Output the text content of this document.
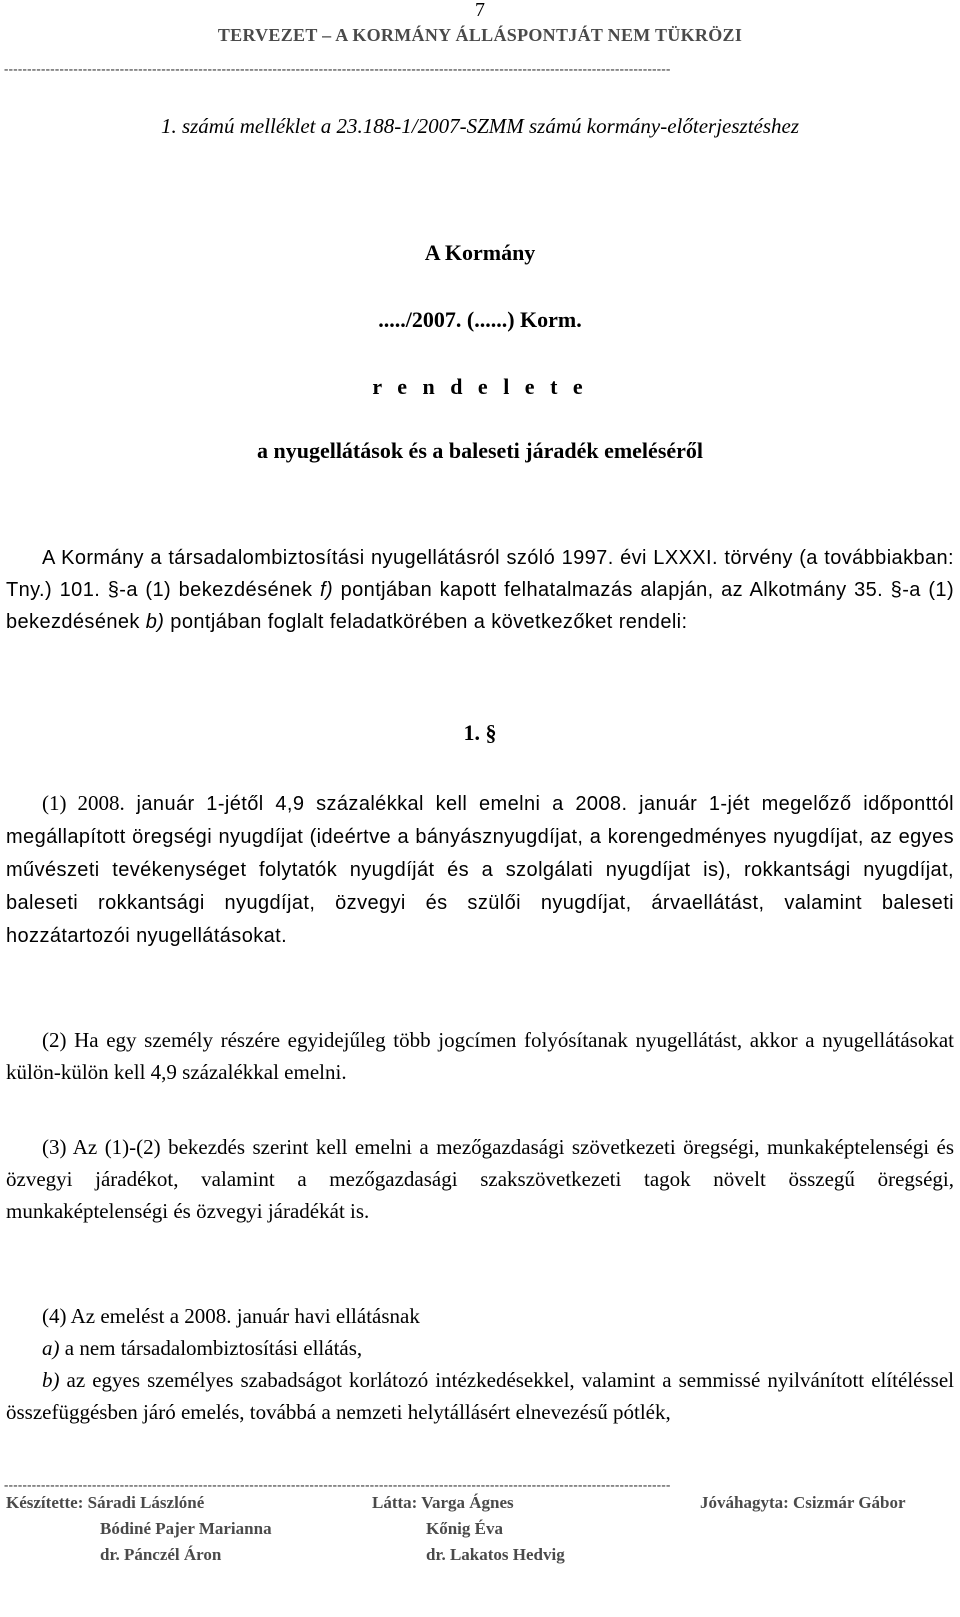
7
TERVEZET – A KORMÁNY ÁLLÁSPONTJÁT NEM TÜKRÖZI
------------------------------------------------------------------------------------------------------------------------------------------------
1. számú melléklet a 23.188-1/2007-SZMM számú kormány-előterjesztéshez
A Kormány
...../2007. (......) Korm.
r e n d e l e t e
a nyugellátások és a baleseti járadék emeléséről
A Kormány a társadalombiztosítási nyugellátásról szóló 1997. évi LXXXI. törvény (a továbbiakban: Tny.) 101. §-a (1) bekezdésének f) pontjában kapott felhatalmazás alapján, az Alkotmány 35. §-a (1) bekezdésének b) pontjában foglalt feladatkörében a következőket rendeli:
1. §
(1) 2008. január 1-jétől 4,9 százalékkal kell emelni a 2008. január 1-jét megelőző időponttól megállapított öregségi nyugdíjat (ideértve a bányásznyugdíjat, a korengedményes nyugdíjat, az egyes művészeti tevékenységet folytatók nyugdíját és a szolgálati nyugdíjat is), rokkantsági nyugdíjat, baleseti rokkantsági nyugdíjat, özvegyi és szülői nyugdíjat, árvaellátást, valamint baleseti hozzátartozói nyugellátásokat.
(2) Ha egy személy részére egyidejűleg több jogcímen folyósítanak nyugellátást, akkor a nyugellátásokat külön-külön kell 4,9 százalékkal emelni.
(3) Az (1)-(2) bekezdés szerint kell emelni a mezőgazdasági szövetkezeti öregségi, munkaképtelenségi és özvegyi járadékot, valamint a mezőgazdasági szakszövetkezeti tagok növelt összegű öregségi, munkaképtelenségi és özvegyi járadékát is.
(4) Az emelést a 2008. január havi ellátásnak
a) a nem társadalombiztosítási ellátás,
b) az egyes személyes szabadságot korlátozó intézkedésekkel, valamint a semmissé nyilvánított elítéléssel összefüggésben járó emelés, továbbá a nemzeti helytállásért elnevezésű pótlék,
------------------------------------------------------------------------------------------------------------------------------------------------
Készítette: Sáradi Lászlóné
Bódiné Pajer Marianna
dr. Pánczél Áron
Látta: Varga Ágnes
Kőnig Éva
dr. Lakatos Hedvig
Jóváhagyta: Csizmár Gábor
